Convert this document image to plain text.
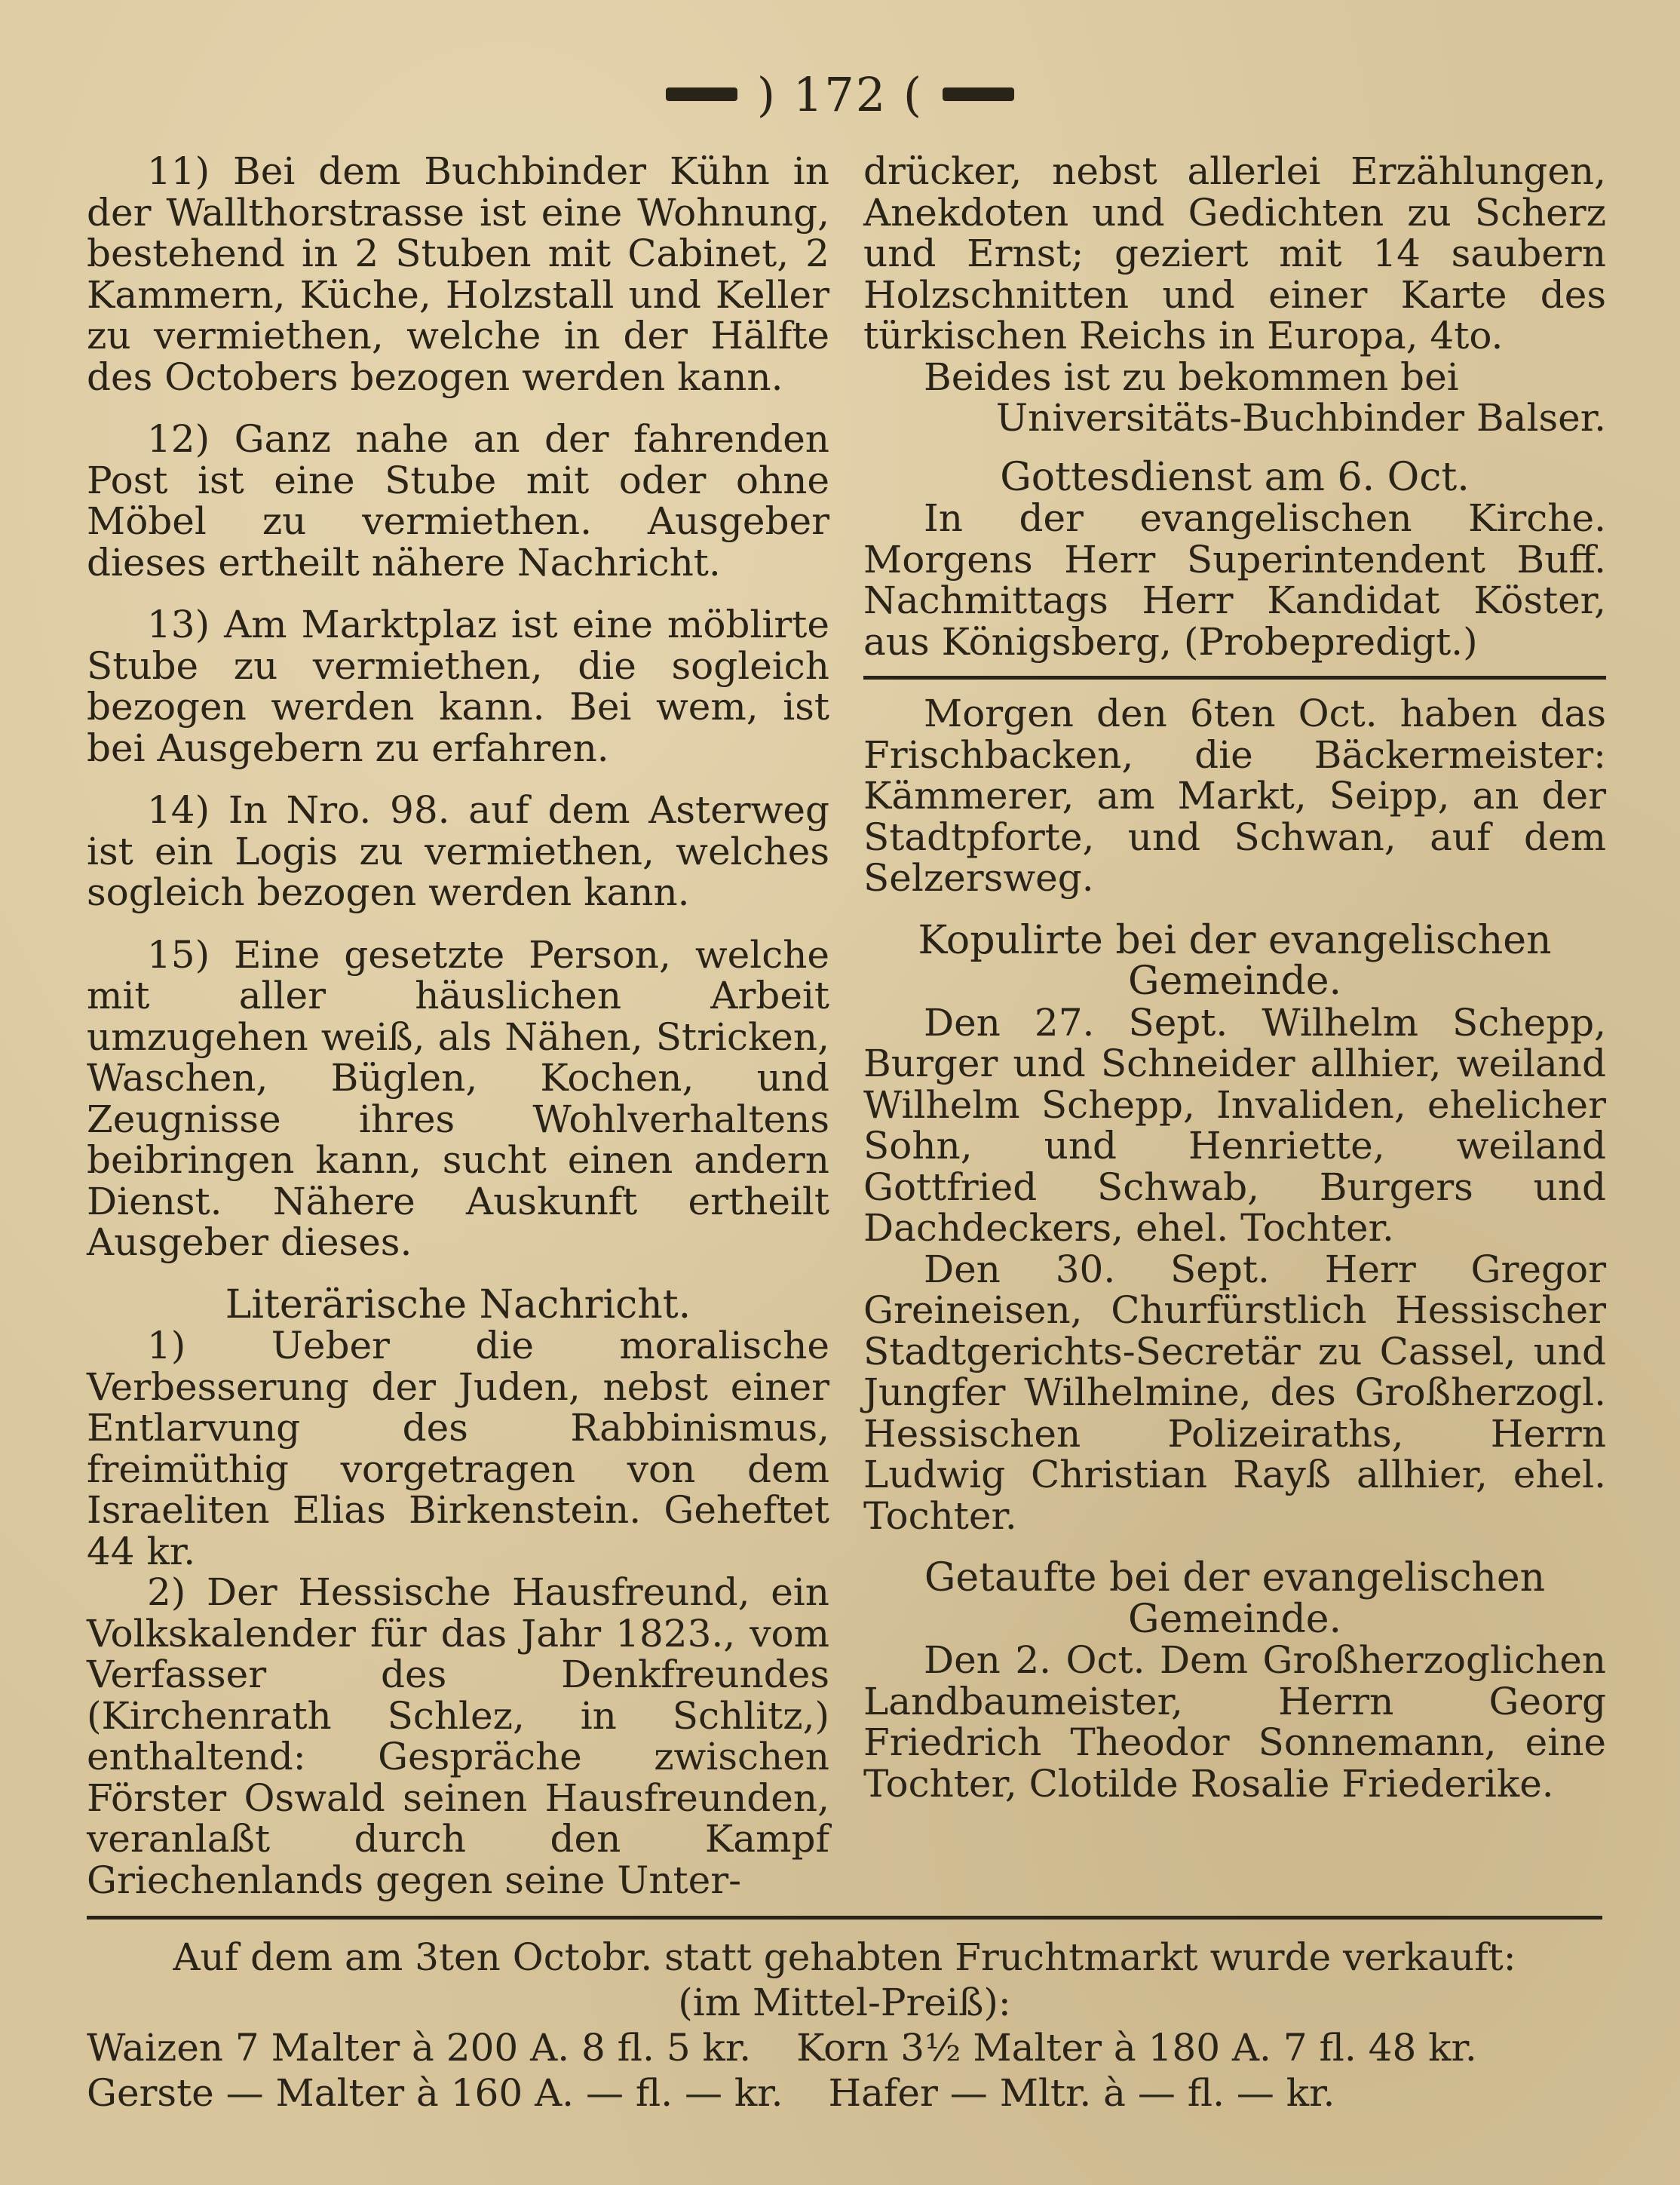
) 172 (

11) Bei dem Buchbinder Kühn in der Wallthorstrasse ist eine Wohnung, bestehend in 2 Stuben mit Cabinet, 2 Kammern, Küche, Holzstall und Keller zu vermiethen, welche in der Hälfte des Octobers bezogen werden kann.

12) Ganz nahe an der fahrenden Post ist eine Stube mit oder ohne Möbel zu vermiethen. Ausgeber dieses ertheilt nähere Nachricht.

13) Am Marktplaz ist eine möblirte Stube zu vermiethen, die sogleich bezogen werden kann. Bei wem, ist bei Ausgebern zu erfahren.

14) In Nro. 98. auf dem Asterweg ist ein Logis zu vermiethen, welches sogleich bezogen werden kann.

15) Eine gesetzte Person, welche mit aller häuslichen Arbeit umzugehen weiß, als Nähen, Stricken, Waschen, Büglen, Kochen, und Zeugnisse ihres Wohlverhaltens beibringen kann, sucht einen andern Dienst. Nähere Auskunft ertheilt Ausgeber dieses.

Literärische Nachricht.

1) Ueber die moralische Verbesserung der Juden, nebst einer Entlarvung des Rabbinismus, freimüthig vorgetragen von dem Israeliten Elias Birkenstein. Geheftet 44 kr.

2) Der Hessische Hausfreund, ein Volkskalender für das Jahr 1823., vom Verfasser des Denkfreundes (Kirchenrath Schlez, in Schlitz,) enthaltend: Gespräche zwischen Förster Oswald seinen Hausfreunden, veranlaßt durch den Kampf Griechenlands gegen seine Unter-

drücker, nebst allerlei Erzählungen, Anekdoten und Gedichten zu Scherz und Ernst; geziert mit 14 saubern Holzschnitten und einer Karte des türkischen Reichs in Europa, 4to.

Beides ist zu bekommen bei

Universitäts-Buchbinder Balser.

Gottesdienst am 6. Oct.

In der evangelischen Kirche. Morgens Herr Superintendent Buff. Nachmittags Herr Kandidat Köster, aus Königsberg, (Probepredigt.)

Morgen den 6ten Oct. haben das Frischbacken, die Bäckermeister: Kämmerer, am Markt, Seipp, an der Stadtpforte, und Schwan, auf dem Selzersweg.

Kopulirte bei der evangelischen Gemeinde.

Den 27. Sept. Wilhelm Schepp, Burger und Schneider allhier, weiland Wilhelm Schepp, Invaliden, ehelicher Sohn, und Henriette, weiland Gottfried Schwab, Burgers und Dachdeckers, ehel. Tochter.

Den 30. Sept. Herr Gregor Greineisen, Churfürstlich Hessischer Stadtgerichts-Secretär zu Cassel, und Jungfer Wilhelmine, des Großherzogl. Hessischen Polizeiraths, Herrn Ludwig Christian Rayß allhier, ehel. Tochter.

Getaufte bei der evangelischen Gemeinde.

Den 2. Oct. Dem Großherzoglichen Landbaumeister, Herrn Georg Friedrich Theodor Sonnemann, eine Tochter, Clotilde Rosalie Friederike.

Auf dem am 3ten Octobr. statt gehabten Fruchtmarkt wurde verkauft:
(im Mittel-Preiß):
Waizen 7 Malter à 200 A. 8 fl. 5 kr. Korn 3½ Malter à 180 A. 7 fl. 48 kr.
Gerste — Malter à 160 A. — fl. — kr. Hafer — Mltr. à — fl. — kr.
